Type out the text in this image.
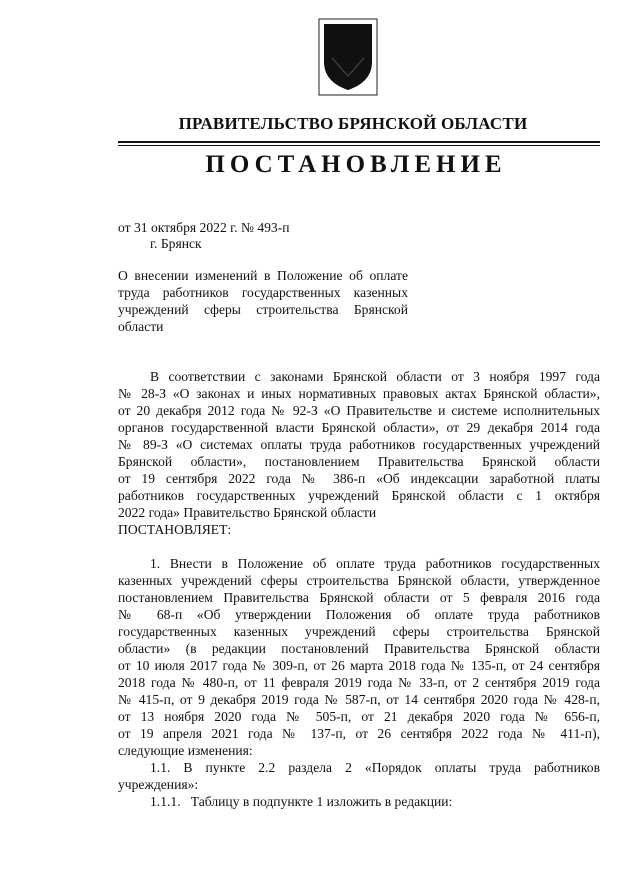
ПРАВИТЕЛЬСТВО БРЯНСКОЙ ОБЛАСТИ
ПОСТАНОВЛЕНИЕ
от 31 октября 2022 г. № 493-п
г. Брянск
О внесении изменений в Положение об оплате
труда работников государственных казенных
учреждений сферы строительства Брянской
области
В соответствии с законами Брянской области от 3 ноября 1997 года
№ 28-З «О законах и иных нормативных правовых актах Брянской области»,
от 20 декабря 2012 года № 92-З «О Правительстве и системе исполнительных
органов государственной власти Брянской области», от 29 декабря 2014 года
№ 89-З «О системах оплаты труда работников государственных учреждений
Брянской области», постановлением Правительства Брянской области
от 19 сентября 2022 года № 386-п «Об индексации заработной платы
работников государственных учреждений Брянской области с 1 октября
2022 года» Правительство Брянской области
ПОСТАНОВЛЯЕТ:
1. Внести в Положение об оплате труда работников государственных
казенных учреждений сферы строительства Брянской области, утвержденное
постановлением Правительства Брянской области от 5 февраля 2016 года
№ 68-п «Об утверждении Положения об оплате труда работников
государственных казенных учреждений сферы строительства Брянской
области» (в редакции постановлений Правительства Брянской области
от 10 июля 2017 года № 309-п, от 26 марта 2018 года № 135-п, от 24 сентября
2018 года № 480-п, от 11 февраля 2019 года № 33-п, от 2 сентября 2019 года
№ 415-п, от 9 декабря 2019 года № 587-п, от 14 сентября 2020 года № 428-п,
от 13 ноября 2020 года № 505-п, от 21 декабря 2020 года № 656-п,
от 19 апреля 2021 года № 137-п, от 26 сентября 2022 года № 411-п),
следующие изменения:
1.1. В пункте 2.2 раздела 2 «Порядок оплаты труда работников
учреждения»:
1.1.1.   Таблицу в подпункте 1 изложить в редакции:
